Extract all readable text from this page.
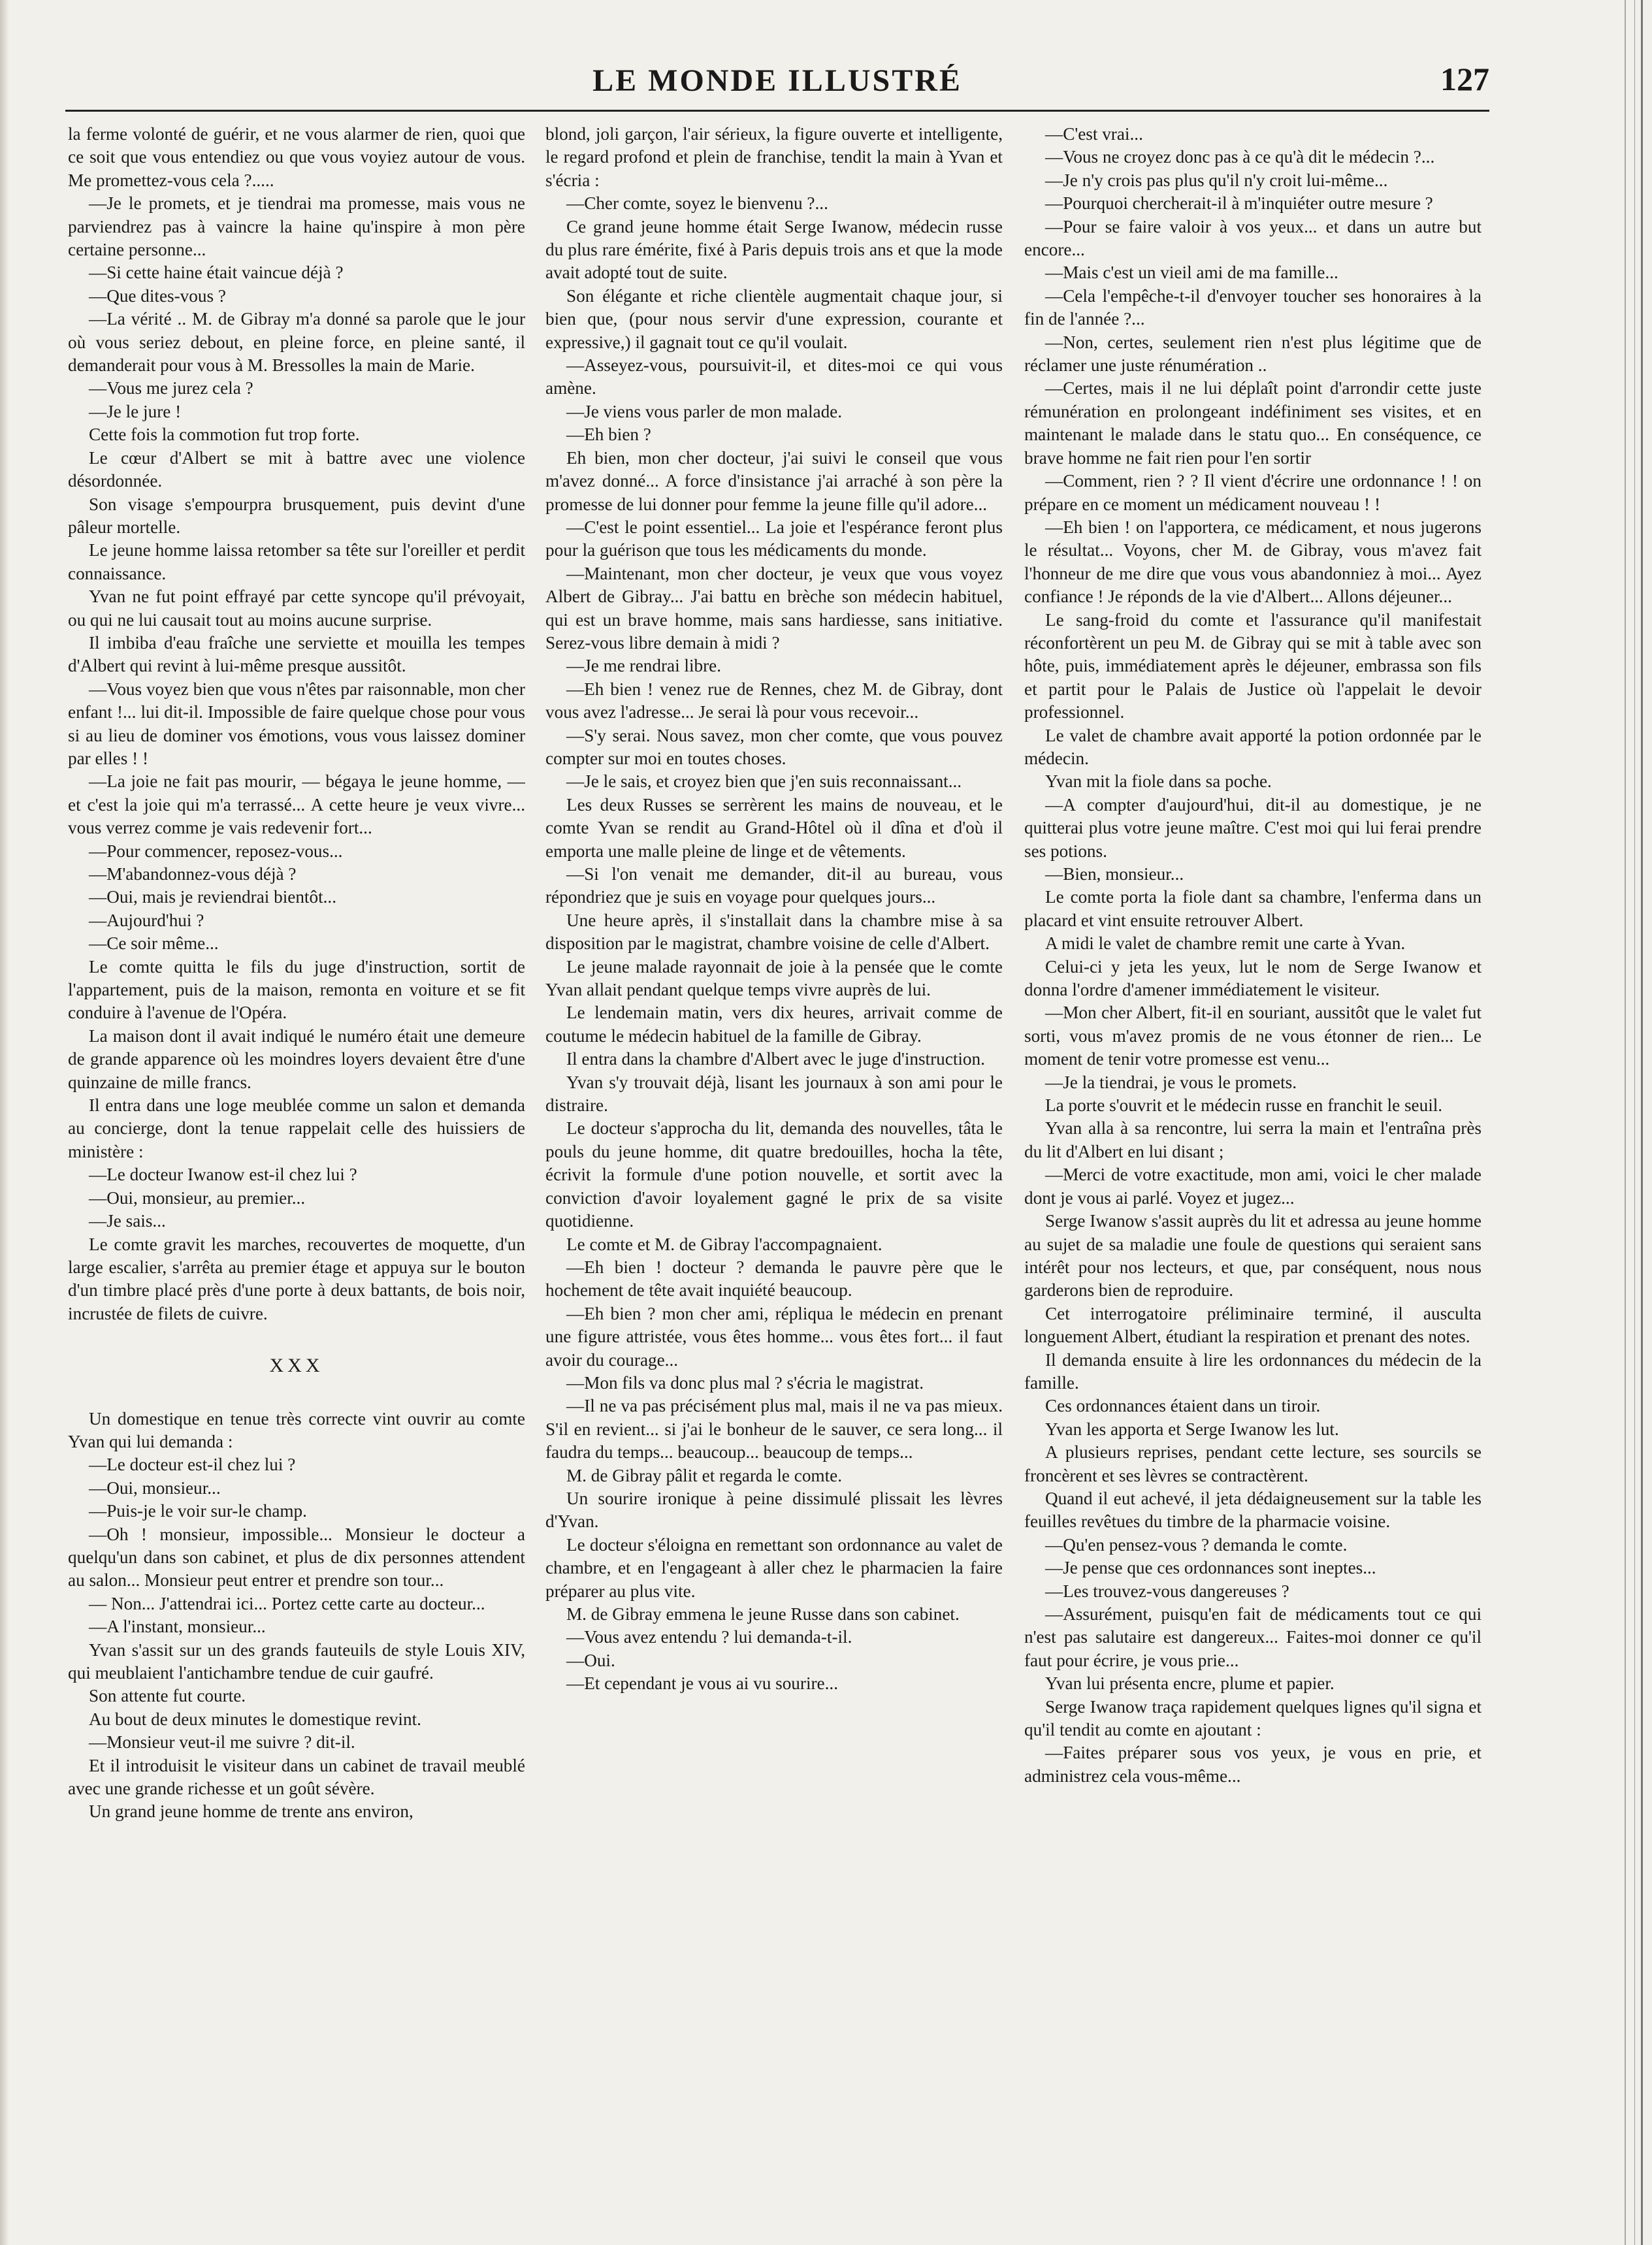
LE MONDE ILLUSTRÉ	127

la ferme volonté de guérir, et ne vous alarmer de rien, quoi que ce soit que vous entendiez ou que vous voyiez autour de vous. Me promettez-vous cela ?.....

—Je le promets, et je tiendrai ma promesse, mais vous ne parviendrez pas à vaincre la haine qu'inspire à mon père certaine personne...

—Si cette haine était vaincue déjà ?

—Que dites-vous ?

—La vérité .. M. de Gibray m'a donné sa parole que le jour où vous seriez debout, en pleine force, en pleine santé, il demanderait pour vous à M. Bressolles la main de Marie.

—Vous me jurez cela ?

—Je le jure !

Cette fois la commotion fut trop forte.

Le cœur d'Albert se mit à battre avec une violence désordonnée.

Son visage s'empourpra brusquement, puis devint d'une pâleur mortelle.

Le jeune homme laissa retomber sa tête sur l'oreiller et perdit connaissance.

Yvan ne fut point effrayé par cette syncope qu'il prévoyait, ou qui ne lui causait tout au moins aucune surprise.

Il imbiba d'eau fraîche une serviette et mouilla les tempes d'Albert qui revint à lui-même presque aussitôt.

—Vous voyez bien que vous n'êtes par raisonnable, mon cher enfant !... lui dit-il. Impossible de faire quelque chose pour vous si au lieu de dominer vos émotions, vous vous laissez dominer par elles ! !

—La joie ne fait pas mourir, — bégaya le jeune homme, — et c'est la joie qui m'a terrassé... A cette heure je veux vivre... vous verrez comme je vais redevenir fort...

—Pour commencer, reposez-vous...

—M'abandonnez-vous déjà ?

—Oui, mais je reviendrai bientôt...

—Aujourd'hui ?

—Ce soir même...

Le comte quitta le fils du juge d'instruction, sortit de l'appartement, puis de la maison, remonta en voiture et se fit conduire à l'avenue de l'Opéra.

La maison dont il avait indiqué le numéro était une demeure de grande apparence où les moindres loyers devaient être d'une quinzaine de mille francs.

Il entra dans une loge meublée comme un salon et demanda au concierge, dont la tenue rappelait celle des huissiers de ministère :

—Le docteur Iwanow est-il chez lui ?

—Oui, monsieur, au premier...

—Je sais...

Le comte gravit les marches, recouvertes de moquette, d'un large escalier, s'arrêta au premier étage et appuya sur le bouton d'un timbre placé près d'une porte à deux battants, de bois noir, incrustée de filets de cuivre.

XXX

Un domestique en tenue très correcte vint ouvrir au comte Yvan qui lui demanda :

—Le docteur est-il chez lui ?

—Oui, monsieur...

—Puis-je le voir sur-le champ.

—Oh ! monsieur, impossible... Monsieur le docteur a quelqu'un dans son cabinet, et plus de dix personnes attendent au salon... Monsieur peut entrer et prendre son tour...

— Non... J'attendrai ici... Portez cette carte au docteur...

—A l'instant, monsieur...

Yvan s'assit sur un des grands fauteuils de style Louis XIV, qui meublaient l'antichambre tendue de cuir gaufré.

Son attente fut courte.

Au bout de deux minutes le domestique revint.

—Monsieur veut-il me suivre ? dit-il.

Et il introduisit le visiteur dans un cabinet de travail meublé avec une grande richesse et un goût sévère.

Un grand jeune homme de trente ans environ,

blond, joli garçon, l'air sérieux, la figure ouverte et intelligente, le regard profond et plein de franchise, tendit la main à Yvan et s'écria :

—Cher comte, soyez le bienvenu ?...

Ce grand jeune homme était Serge Iwanow, médecin russe du plus rare émérite, fixé à Paris depuis trois ans et que la mode avait adopté tout de suite.

Son élégante et riche clientèle augmentait chaque jour, si bien que, (pour nous servir d'une expression, courante et expressive,) il gagnait tout ce qu'il voulait.

—Asseyez-vous, poursuivit-il, et dites-moi ce qui vous amène.

—Je viens vous parler de mon malade.

—Eh bien ?

Eh bien, mon cher docteur, j'ai suivi le conseil que vous m'avez donné... A force d'insistance j'ai arraché à son père la promesse de lui donner pour femme la jeune fille qu'il adore...

—C'est le point essentiel... La joie et l'espérance feront plus pour la guérison que tous les médicaments du monde.

—Maintenant, mon cher docteur, je veux que vous voyez Albert de Gibray... J'ai battu en brèche son médecin habituel, qui est un brave homme, mais sans hardiesse, sans initiative. Serez-vous libre demain à midi ?

—Je me rendrai libre.

—Eh bien ! venez rue de Rennes, chez M. de Gibray, dont vous avez l'adresse... Je serai là pour vous recevoir...

—S'y serai. Nous savez, mon cher comte, que vous pouvez compter sur moi en toutes choses.

—Je le sais, et croyez bien que j'en suis reconnaissant...

Les deux Russes se serrèrent les mains de nouveau, et le comte Yvan se rendit au Grand-Hôtel où il dîna et d'où il emporta une malle pleine de linge et de vêtements.

—Si l'on venait me demander, dit-il au bureau, vous répondriez que je suis en voyage pour quelques jours...

Une heure après, il s'installait dans la chambre mise à sa disposition par le magistrat, chambre voisine de celle d'Albert.

Le jeune malade rayonnait de joie à la pensée que le comte Yvan allait pendant quelque temps vivre auprès de lui.

Le lendemain matin, vers dix heures, arrivait comme de coutume le médecin habituel de la famille de Gibray.

Il entra dans la chambre d'Albert avec le juge d'instruction.

Yvan s'y trouvait déjà, lisant les journaux à son ami pour le distraire.

Le docteur s'approcha du lit, demanda des nouvelles, tâta le pouls du jeune homme, dit quatre bredouilles, hocha la tête, écrivit la formule d'une potion nouvelle, et sortit avec la conviction d'avoir loyalement gagné le prix de sa visite quotidienne.

Le comte et M. de Gibray l'accompagnaient.

—Eh bien ! docteur ? demanda le pauvre père que le hochement de tête avait inquiété beaucoup.

—Eh bien ? mon cher ami, répliqua le médecin en prenant une figure attristée, vous êtes homme... vous êtes fort... il faut avoir du courage...

—Mon fils va donc plus mal ? s'écria le magistrat.

—Il ne va pas précisément plus mal, mais il ne va pas mieux. S'il en revient... si j'ai le bonheur de le sauver, ce sera long... il faudra du temps... beaucoup... beaucoup de temps...

M. de Gibray pâlit et regarda le comte.

Un sourire ironique à peine dissimulé plissait les lèvres d'Yvan.

Le docteur s'éloigna en remettant son ordonnance au valet de chambre, et en l'engageant à aller chez le pharmacien la faire préparer au plus vite.

M. de Gibray emmena le jeune Russe dans son cabinet.

—Vous avez entendu ? lui demanda-t-il.

—Oui.

—Et cependant je vous ai vu sourire...

—C'est vrai...

—Vous ne croyez donc pas à ce qu'à dit le médecin ?...

—Je n'y crois pas plus qu'il n'y croit lui-même...

—Pourquoi chercherait-il à m'inquiéter outre mesure ?

—Pour se faire valoir à vos yeux... et dans un autre but encore...

—Mais c'est un vieil ami de ma famille...

—Cela l'empêche-t-il d'envoyer toucher ses honoraires à la fin de l'année ?...

—Non, certes, seulement rien n'est plus légitime que de réclamer une juste rénumération ..

—Certes, mais il ne lui déplaît point d'arrondir cette juste rémunération en prolongeant indéfiniment ses visites, et en maintenant le malade dans le statu quo... En conséquence, ce brave homme ne fait rien pour l'en sortir

—Comment, rien ? ? Il vient d'écrire une ordonnance ! ! on prépare en ce moment un médicament nouveau ! !

—Eh bien ! on l'apportera, ce médicament, et nous jugerons le résultat... Voyons, cher M. de Gibray, vous m'avez fait l'honneur de me dire que vous vous abandonniez à moi... Ayez confiance ! Je réponds de la vie d'Albert... Allons déjeuner...

Le sang-froid du comte et l'assurance qu'il manifestait réconfortèrent un peu M. de Gibray qui se mit à table avec son hôte, puis, immédiatement après le déjeuner, embrassa son fils et partit pour le Palais de Justice où l'appelait le devoir professionnel.

Le valet de chambre avait apporté la potion ordonnée par le médecin.

Yvan mit la fiole dans sa poche.

—A compter d'aujourd'hui, dit-il au domestique, je ne quitterai plus votre jeune maître. C'est moi qui lui ferai prendre ses potions.

—Bien, monsieur...

Le comte porta la fiole dant sa chambre, l'enferma dans un placard et vint ensuite retrouver Albert.

A midi le valet de chambre remit une carte à Yvan.

Celui-ci y jeta les yeux, lut le nom de Serge Iwanow et donna l'ordre d'amener immédiatement le visiteur.

—Mon cher Albert, fit-il en souriant, aussitôt que le valet fut sorti, vous m'avez promis de ne vous étonner de rien... Le moment de tenir votre promesse est venu...

—Je la tiendrai, je vous le promets.

La porte s'ouvrit et le médecin russe en franchit le seuil.

Yvan alla à sa rencontre, lui serra la main et l'entraîna près du lit d'Albert en lui disant ;

—Merci de votre exactitude, mon ami, voici le cher malade dont je vous ai parlé. Voyez et jugez...

Serge Iwanow s'assit auprès du lit et adressa au jeune homme au sujet de sa maladie une foule de questions qui seraient sans intérêt pour nos lecteurs, et que, par conséquent, nous nous garderons bien de reproduire.

Cet interrogatoire préliminaire terminé, il ausculta longuement Albert, étudiant la respiration et prenant des notes.

Il demanda ensuite à lire les ordonnances du médecin de la famille.

Ces ordonnances étaient dans un tiroir.

Yvan les apporta et Serge Iwanow les lut.

A plusieurs reprises, pendant cette lecture, ses sourcils se froncèrent et ses lèvres se contractèrent.

Quand il eut achevé, il jeta dédaigneusement sur la table les feuilles revêtues du timbre de la pharmacie voisine.

—Qu'en pensez-vous ? demanda le comte.

—Je pense que ces ordonnances sont ineptes...

—Les trouvez-vous dangereuses ?

—Assurément, puisqu'en fait de médicaments tout ce qui n'est pas salutaire est dangereux... Faites-moi donner ce qu'il faut pour écrire, je vous prie...

Yvan lui présenta encre, plume et papier.

Serge Iwanow traça rapidement quelques lignes qu'il signa et qu'il tendit au comte en ajoutant :

—Faites préparer sous vos yeux, je vous en prie, et administrez cela vous-même...
